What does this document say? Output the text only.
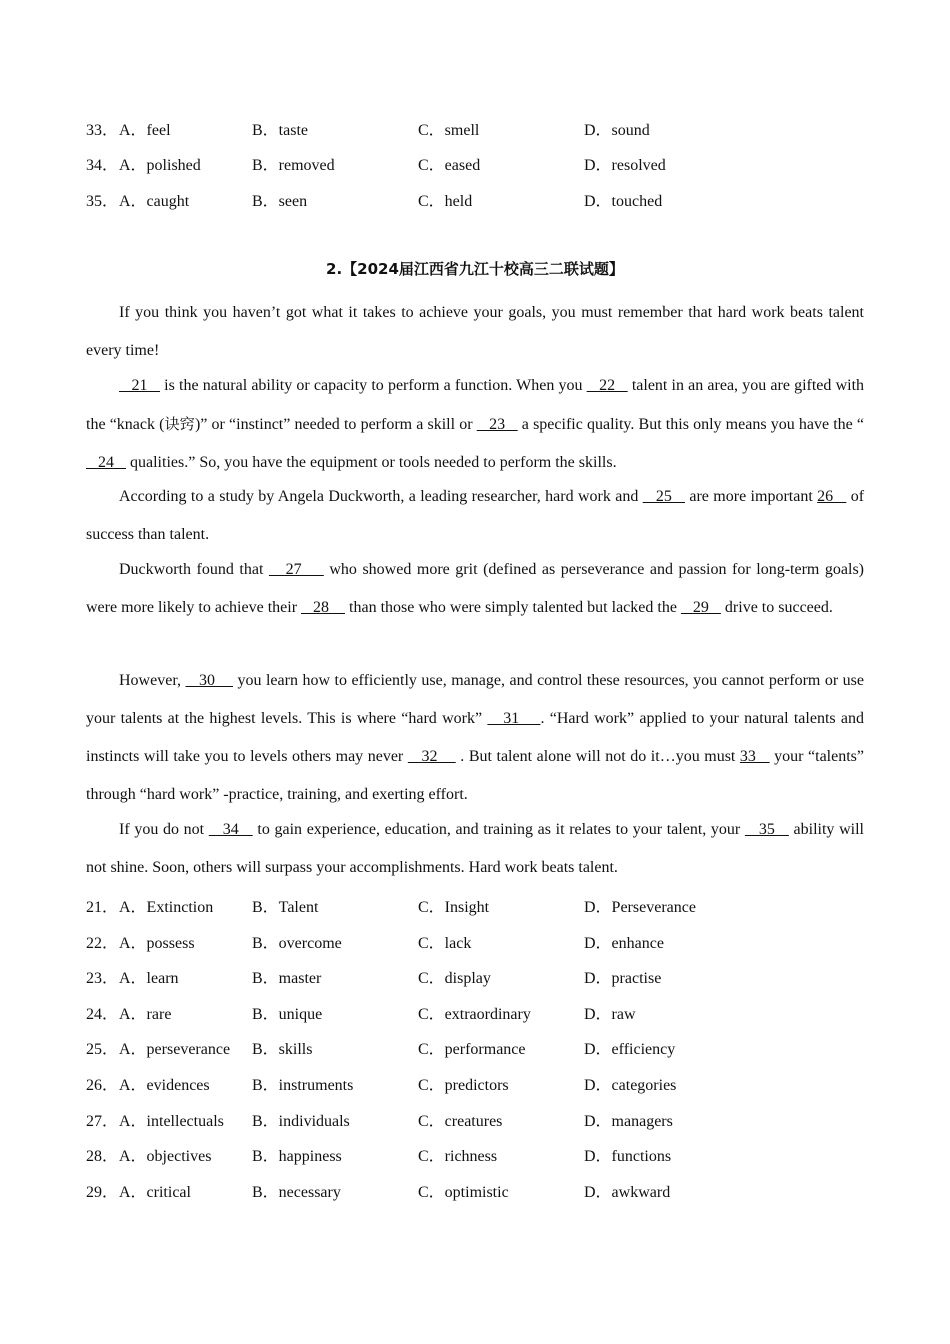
33． A．feel	B．taste	C．smell	D．sound
34． A．polished	B．removed	C．eased	D．resolved
35． A．caught	B．seen	C．held	D．touched
2.【2024届江西省九江十校高三二联试题】
If you think you haven’t got what it takes to achieve your goals, you must remember that hard work beats talent every time!
21    is the natural ability or capacity to perform a function. When you    22    talent in an area, you are gifted with the “knack (诀窍)” or “instinct” needed to perform a skill or    23    a specific quality. But this only means you have the “   24    qualities.” So, you have the equipment or tools needed to perform the skills.
According to a study by Angela Duckworth, a leading researcher, hard work and    25    are more important 26    of success than talent.
Duckworth found that    27     who showed more grit (defined as perseverance and passion for long-term goals) were more likely to achieve their    28     than those who were simply talented but lacked the    29    drive to succeed.
However,    30     you learn how to efficiently use, manage, and control these resources, you cannot perform or use your talents at the highest levels. This is where “hard work”    31    . “Hard work” applied to your natural talents and instincts will take you to levels others may never    32     . But talent alone will not do it…you must 33    your “talents” through “hard work” -practice, training, and exerting effort.
If you do not    34    to gain experience, education, and training as it relates to your talent, your    35    ability will not shine. Soon, others will surpass your accomplishments. Hard work beats talent.
21． A．Extinction B．Talent	C．Insight	D．Perseverance
22． A．possess	B．overcome	C．lack	D．enhance
23． A．learn	B．master	C．display	D．practise
24． A．rare	B．unique	C．extraordinary	D．raw
25． A．perseverance B．skills	C．performance	D．efficiency
26． A．evidences	B．instruments	C．predictors	D．categories
27． A．intellectuals B．individuals	C．creatures	D．managers
28． A．objectives	B．happiness	C．richness	D．functions
29． A．critical	B．necessary	C．optimistic	D．awkward
